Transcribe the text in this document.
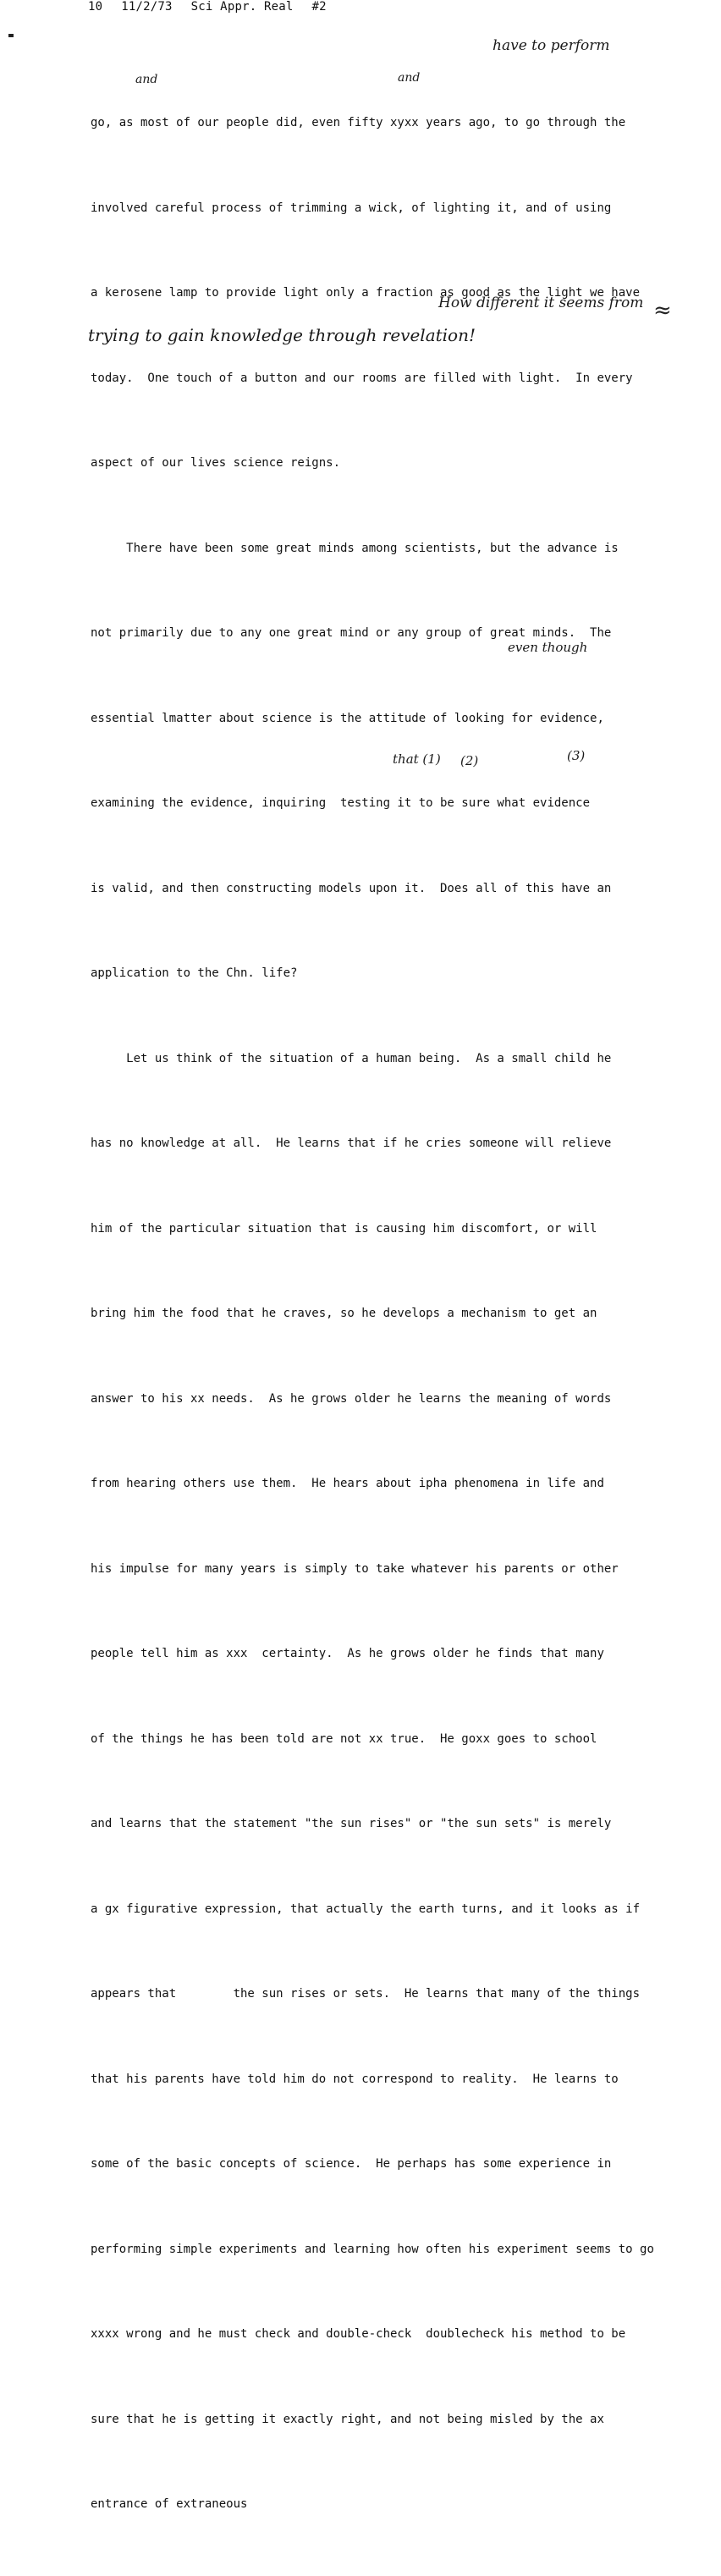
10 11/2/73 Sci Appr. Real #2

go, as most of our people did, even fifty xyxx years ago, to go through the

involved careful process of trimming a wick, of lighting it, and of using

a kerosene lamp to provide light only a fraction as good as the light we have

today.  One touch of a button and our rooms are filled with light.  In every

aspect of our lives science reigns.

There have been some great minds among scientists, but the advance is

not primarily due to any one great mind or any group of great minds.  The

essential lmatter about science is the attitude of looking for evidence,

examining the evidence, inquiring  testing it to be sure what evidence

is valid, and then constructing models upon it.  Does all of this have an

application to the Chn. life?

Let us think of the situation of a human being.  As a small child he

has no knowledge at all.  He learns that if he cries someone will relieve

him of the particular situation that is causing him discomfort, or will

bring him the food that he craves, so he develops a mechanism to get an

answer to his xx needs.  As he grows older he learns the meaning of words

from hearing others use them.  He hears about ipha phenomena in life and

his impulse for many years is simply to take whatever his parents or other

people tell him as xxx  certainty.  As he grows older he finds that many

of the things he has been told are not xx true.  He goxx goes to school

and learns that the statement "the sun rises" or "the sun sets" is merely

a gx figurative expression, that actually the earth turns, and it looks as if

appears that        the sun rises or sets.  He learns that many of the things

that his parents have told him do not correspond to reality.  He learns to

some of the basic concepts of science.  He perhaps has some experience in

performing simple experiments and learning how often his experiment seems to go

xxxx wrong and he must check and double-check  doublecheck his method to be

sure that he is getting it exactly right, and not being misled by the ax

entrance of extraneous

have to perform
and	and
How different it seems from
trying to gain knowledge through revelation!
≈
even though
that (1) (2)	(3)
